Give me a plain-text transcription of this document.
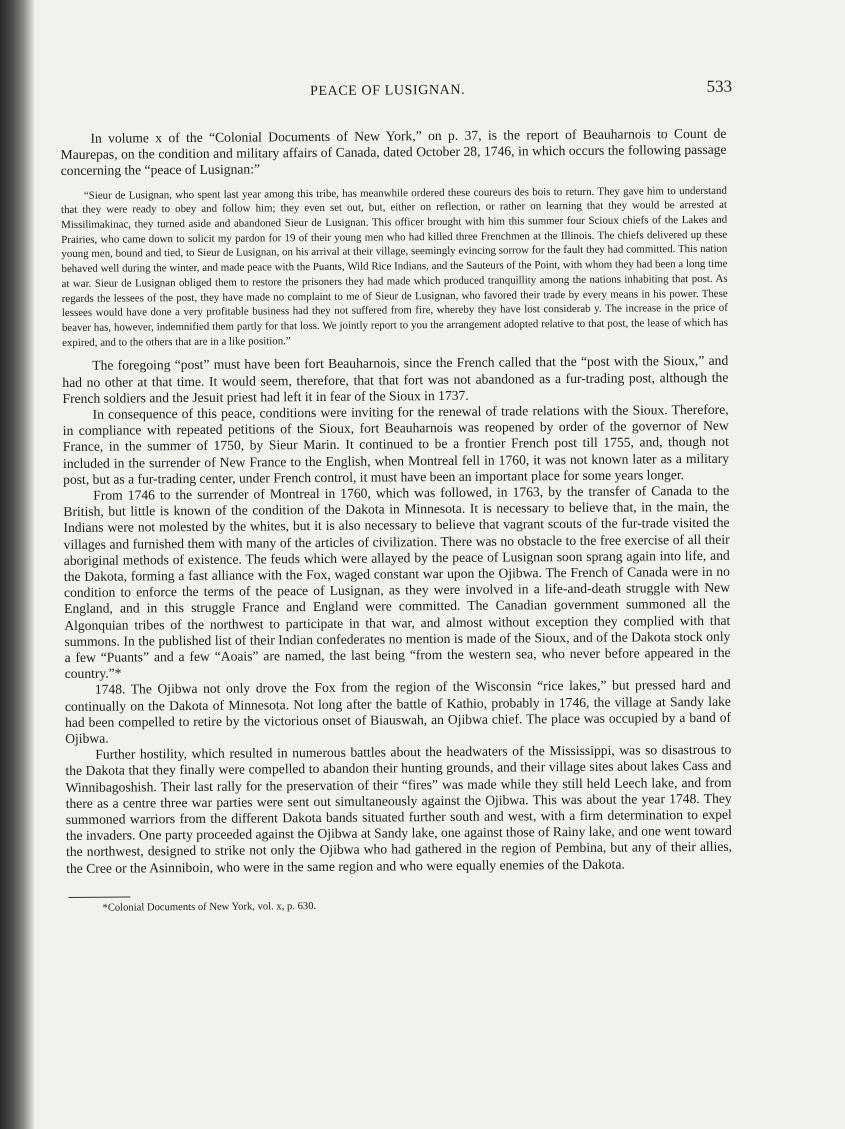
PEACE OF LUSIGNAN.	533

In volume x of the “Colonial Documents of New York,” on p. 37, is the report of Beauharnois to Count de Maurepas, on the condition and military affairs of Canada, dated October 28, 1746, in which occurs the following passage concerning the “peace of Lusignan:”

“Sieur de Lusignan, who spent last year among this tribe, has meanwhile ordered these coureurs des bois to return. They gave him to understand that they were ready to obey and follow him; they even set out, but, either on reflection, or rather on learning that they would be arrested at Missilimakinac, they turned aside and abandoned Sieur de Lusignan. This officer brought with him this summer four Scioux chiefs of the Lakes and Prairies, who came down to solicit my pardon for 19 of their young men who had killed three Frenchmen at the Illinois. The chiefs delivered up these young men, bound and tied, to Sieur de Lusignan, on his arrival at their village, seemingly evincing sorrow for the fault they had committed. This nation behaved well during the winter, and made peace with the Puants, Wild Rice Indians, and the Sauteurs of the Point, with whom they had been a long time at war. Sieur de Lusignan obliged them to restore the prisoners they had made which produced tranquillity among the nations inhabiting that post. As regards the lessees of the post, they have made no complaint to me of Sieur de Lusignan, who favored their trade by every means in his power. These lessees would have done a very profitable business had they not suffered from fire, whereby they have lost considerab y. The increase in the price of beaver has, however, indemnified them partly for that loss. We jointly report to you the arrangement adopted relative to that post, the lease of which has expired, and to the others that are in a like position.”

The foregoing “post” must have been fort Beauharnois, since the French called that the “post with the Sioux,” and had no other at that time. It would seem, therefore, that that fort was not abandoned as a fur-trading post, although the French soldiers and the Jesuit priest had left it in fear of the Sioux in 1737.

In consequence of this peace, conditions were inviting for the renewal of trade relations with the Sioux. Therefore, in compliance with repeated petitions of the Sioux, fort Beauharnois was reopened by order of the governor of New France, in the summer of 1750, by Sieur Marin. It continued to be a frontier French post till 1755, and, though not included in the surrender of New France to the English, when Montreal fell in 1760, it was not known later as a military post, but as a fur-trading center, under French control, it must have been an important place for some years longer.

From 1746 to the surrender of Montreal in 1760, which was followed, in 1763, by the transfer of Canada to the British, but little is known of the condition of the Dakota in Minnesota. It is necessary to believe that, in the main, the Indians were not molested by the whites, but it is also necessary to believe that vagrant scouts of the fur-trade visited the villages and furnished them with many of the articles of civilization. There was no obstacle to the free exercise of all their aboriginal methods of existence. The feuds which were allayed by the peace of Lusignan soon sprang again into life, and the Dakota, forming a fast alliance with the Fox, waged constant war upon the Ojibwa. The French of Canada were in no condition to enforce the terms of the peace of Lusignan, as they were involved in a life-and-death struggle with New England, and in this struggle France and England were committed. The Canadian government summoned all the Algonquian tribes of the northwest to participate in that war, and almost without exception they complied with that summons. In the published list of their Indian confederates no mention is made of the Sioux, and of the Dakota stock only a few “Puants” and a few “Aoais” are named, the last being “from the western sea, who never before appeared in the country.”*

1748. The Ojibwa not only drove the Fox from the region of the Wisconsin “rice lakes,” but pressed hard and continually on the Dakota of Minnesota. Not long after the battle of Kathio, probably in 1746, the village at Sandy lake had been compelled to retire by the victorious onset of Biauswah, an Ojibwa chief. The place was occupied by a band of Ojibwa.

Further hostility, which resulted in numerous battles about the headwaters of the Mississippi, was so disastrous to the Dakota that they finally were compelled to abandon their hunting grounds, and their village sites about lakes Cass and Winnibagoshish. Their last rally for the preservation of their “fires” was made while they still held Leech lake, and from there as a centre three war parties were sent out simultaneously against the Ojibwa. This was about the year 1748. They summoned warriors from the different Dakota bands situated further south and west, with a firm determination to expel the invaders. One party proceeded against the Ojibwa at Sandy lake, one against those of Rainy lake, and one went toward the northwest, designed to strike not only the Ojibwa who had gathered in the region of Pembina, but any of their allies, the Cree or the Asinniboin, who were in the same region and who were equally enemies of the Dakota.

*Colonial Documents of New York, vol. x, p. 630.
